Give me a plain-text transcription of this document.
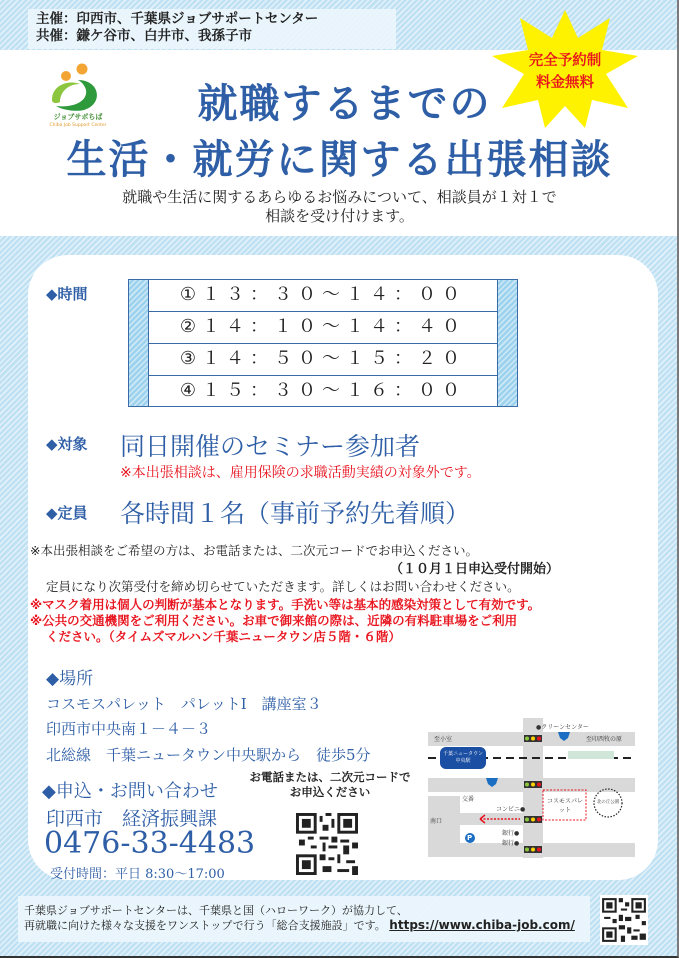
主催：印西市、千葉県ジョブサポートセンター
共催：鎌ケ谷市、白井市、我孫子市
ジョブサポちば
Chiba Job Support Center	就職するまでの
生活・就労に関する出張相談
完全予約制
料金無料
就職や生活に関するあらゆるお悩みについて、相談員が１対１で
相談を受け付けます。
◆時間	①１３：３０～１４：００
②１４：１０～１４：４０
③１４：５０～１５：２０
④１５：３０～１６：００
◆対象 同日開催のセミナー参加者
※本出張相談は、雇用保険の求職活動実績の対象外です。
◆定員 各時間１名（事前予約先着順）
※本出張相談をご希望の方は、お電話または、二次元コードでお申込ください。
（１０月１日申込受付開始）
定員になり次第受付を締め切らせていただきます。詳しくはお問い合わせください。
※マスク着用は個人の判断が基本となります。手洗い等は基本的感染対策として有効です。
※公共の交通機関をご利用ください。お車で御来館の際は、近隣の有料駐車場をご利用
ください。（タイムズマルハン千葉ニュータウン店５階・６階）
◆場所
コスモスパレット　パレットⅠ　講座室３
印西市中央南１－４－３
北総線　千葉ニュータウン中央駅から　徒歩5分
◆申込・お問い合わせ
印西市　経済振興課
0476-33-4483
受付時間：平日 8:30～17:00
お電話または、二次元コードで
お申込ください
至小室	至印西牧の原
●クリーンセンター
千葉ニュータウン中央駅
交番	コスモスパレット
南口
コンビニ●
銀行●
銀行●
北の丘公園
P
千葉県ジョブサポートセンターは、千葉県と国（ハローワーク）が協力して、
再就職に向けた様々な支援をワンストップで行う「総合支援施設」です。 https://www.chiba-job.com/
